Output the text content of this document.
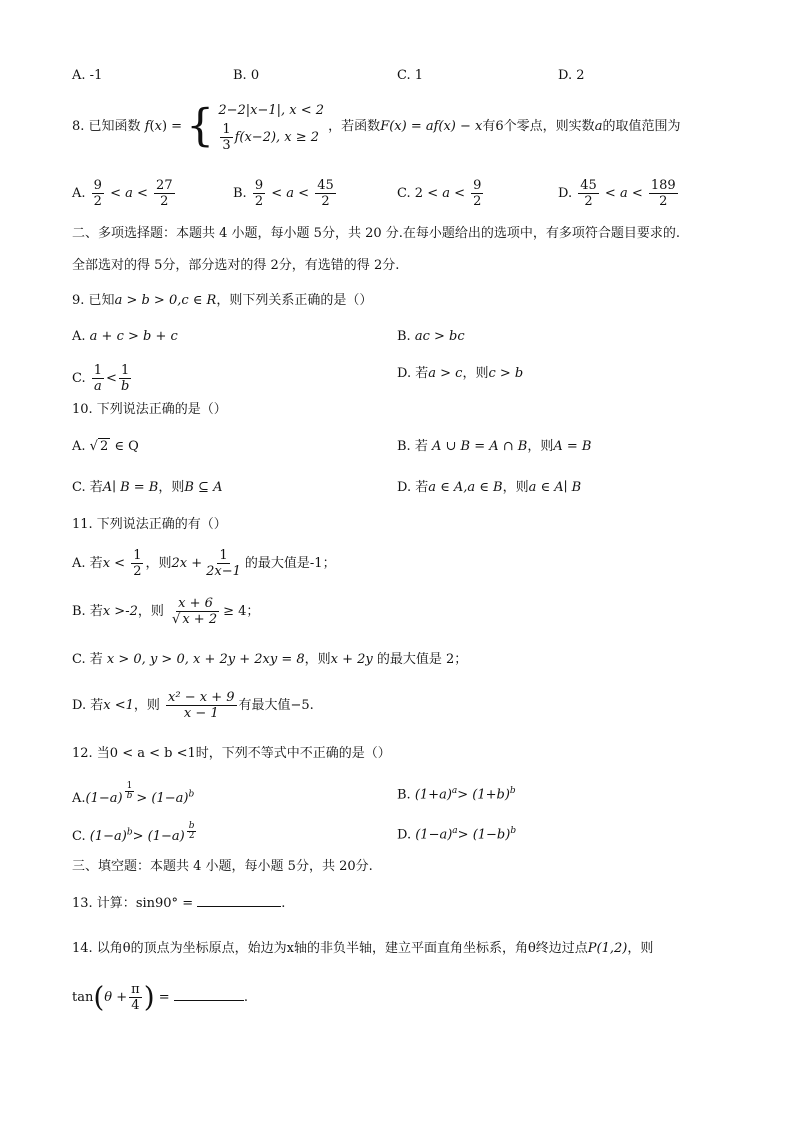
A. -1	B. 0	C. 1	D. 2
8. 已知函数 f(x) = { 2−2|x−1|, x < 2
$\frac{1}{3} f(x-2)$, x ≥ 2
，若函数F(x) = af(x) − x有6个零点，则实数a的取值范围为
A. $\frac{9}{2} < a < \frac{27}{2}$	B. $\frac{9}{2} < a < \frac{45}{2}$	C. $2 < a < \frac{9}{2}$	D. $\frac{45}{2} < a < \frac{189}{2}$
二、多项选择题：本题共 4 小题，每小题 5分，共 20 分.在每小题给出的选项中，有多项符合题目要求的.
全部选对的得 5分，部分选对的得 2分，有选错的得 2分.
9. 已知a > b > 0,c ∈ R，则下列关系正确的是（）
A. a + c > b + c	B. ac > bc
C. $\frac{1}{a} < \frac{1}{b}$	D. 若a > c，则c > b
10. 下列说法正确的是（）
A. √ 2 ∈ Q	B. 若 A ∪ B = A ∩ B，则A = B
C. 若A∣ B = B，则B ⊆ A	D. 若a ∈ A,a ∈ B，则a ∈ A∣ B
11. 下列说法正确的有（）
A. 若$x < \frac{1}{2}$ ，则$2x + \frac{1}{2x-1}$ 的最大值是-1；
B. 若x >-2，则 $\frac{x + 6}{√ x + 2} \ge 4$；
C. 若 x > 0, y > 0, x + 2y + 2xy = 8，则x + 2y 的最大值是 2；
D. 若x <1，则 $\frac{\text{x² − x + 9}}{x - 1}$ 有最大值−5.
12. 当0 < a < b <1时，下列不等式中不正确的是（）
A.(1−a) $^{\frac{1}{b}} > (1-a)^b$	B. $(1+a)^a> (1+b)^b$
C. $(1-a)^b> (1-a)$ $^{\frac{b}{2}}$	D. $(1-a)^a> (1-b)^b$
三、填空题：本题共 4 小题，每小题 5分，共 20分.
13. 计算：sin90° =	.
14. 以角θ的顶点为坐标原点，始边为x轴的非负半轴，建立平面直角坐标系，角θ终边过点P(1,2)，则
$\tan(\theta + \frac{\pi}{4}$ ) =	.
